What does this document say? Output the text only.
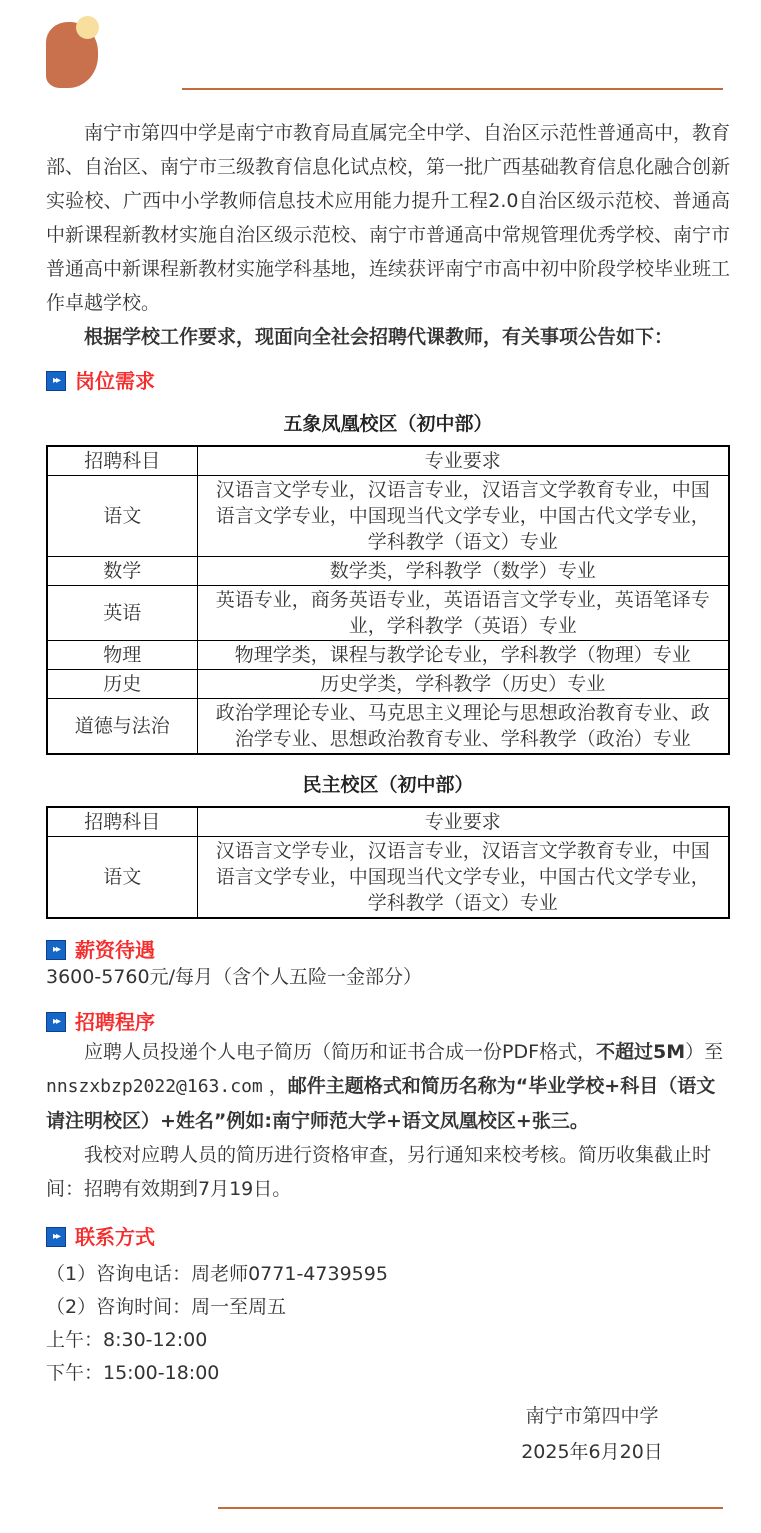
南宁市第四中学是南宁市教育局直属完全中学、自治区示范性普通高中，教育部、自治区、南宁市三级教育信息化试点校，第一批广西基础教育信息化融合创新实验校、广西中小学教师信息技术应用能力提升工程2.0自治区级示范校、普通高中新课程新教材实施自治区级示范校、南宁市普通高中常规管理优秀学校、南宁市普通高中新课程新教材实施学科基地，连续获评南宁市高中初中阶段学校毕业班工作卓越学校。

根据学校工作要求，现面向全社会招聘代课教师，有关事项公告如下：

▸▸ 岗位需求
五象凤凰校区（初中部）
招聘科目	专业要求
语文	汉语言文学专业，汉语言专业，汉语言文学教育专业，中国语言文学专业，中国现当代文学专业，中国古代文学专业，学科教学（语文）专业
数学	数学类，学科教学（数学）专业
英语	英语专业，商务英语专业，英语语言文学专业，英语笔译专业，学科教学（英语）专业
物理	物理学类，课程与教学论专业，学科教学（物理）专业
历史	历史学类，学科教学（历史）专业
道德与法治	政治学理论专业、马克思主义理论与思想政治教育专业、政治学专业、思想政治教育专业、学科教学（政治）专业
民主校区（初中部）
招聘科目	专业要求
语文	汉语言文学专业，汉语言专业，汉语言文学教育专业，中国语言文学专业，中国现当代文学专业，中国古代文学专业，学科教学（语文）专业
▸▸ 薪资待遇

3600-5760元/每月（含个人五险一金部分）

▸▸ 招聘程序

应聘人员投递个人电子简历（简历和证书合成一份PDF格式，不超过5M）至nnszxbzp2022@163.com ，邮件主题格式和简历名称为“毕业学校+科目（语文请注明校区）+姓名”例如:南宁师范大学+语文凤凰校区+张三。

我校对应聘人员的简历进行资格审查，另行通知来校考核。简历收集截止时间：招聘有效期到7月19日。

▸▸ 联系方式
（1）咨询电话：周老师0771-4739595
（2）咨询时间：周一至周五
上午：8:30-12:00
下午：15:00-18:00
南宁市第四中学
2025年6月20日
